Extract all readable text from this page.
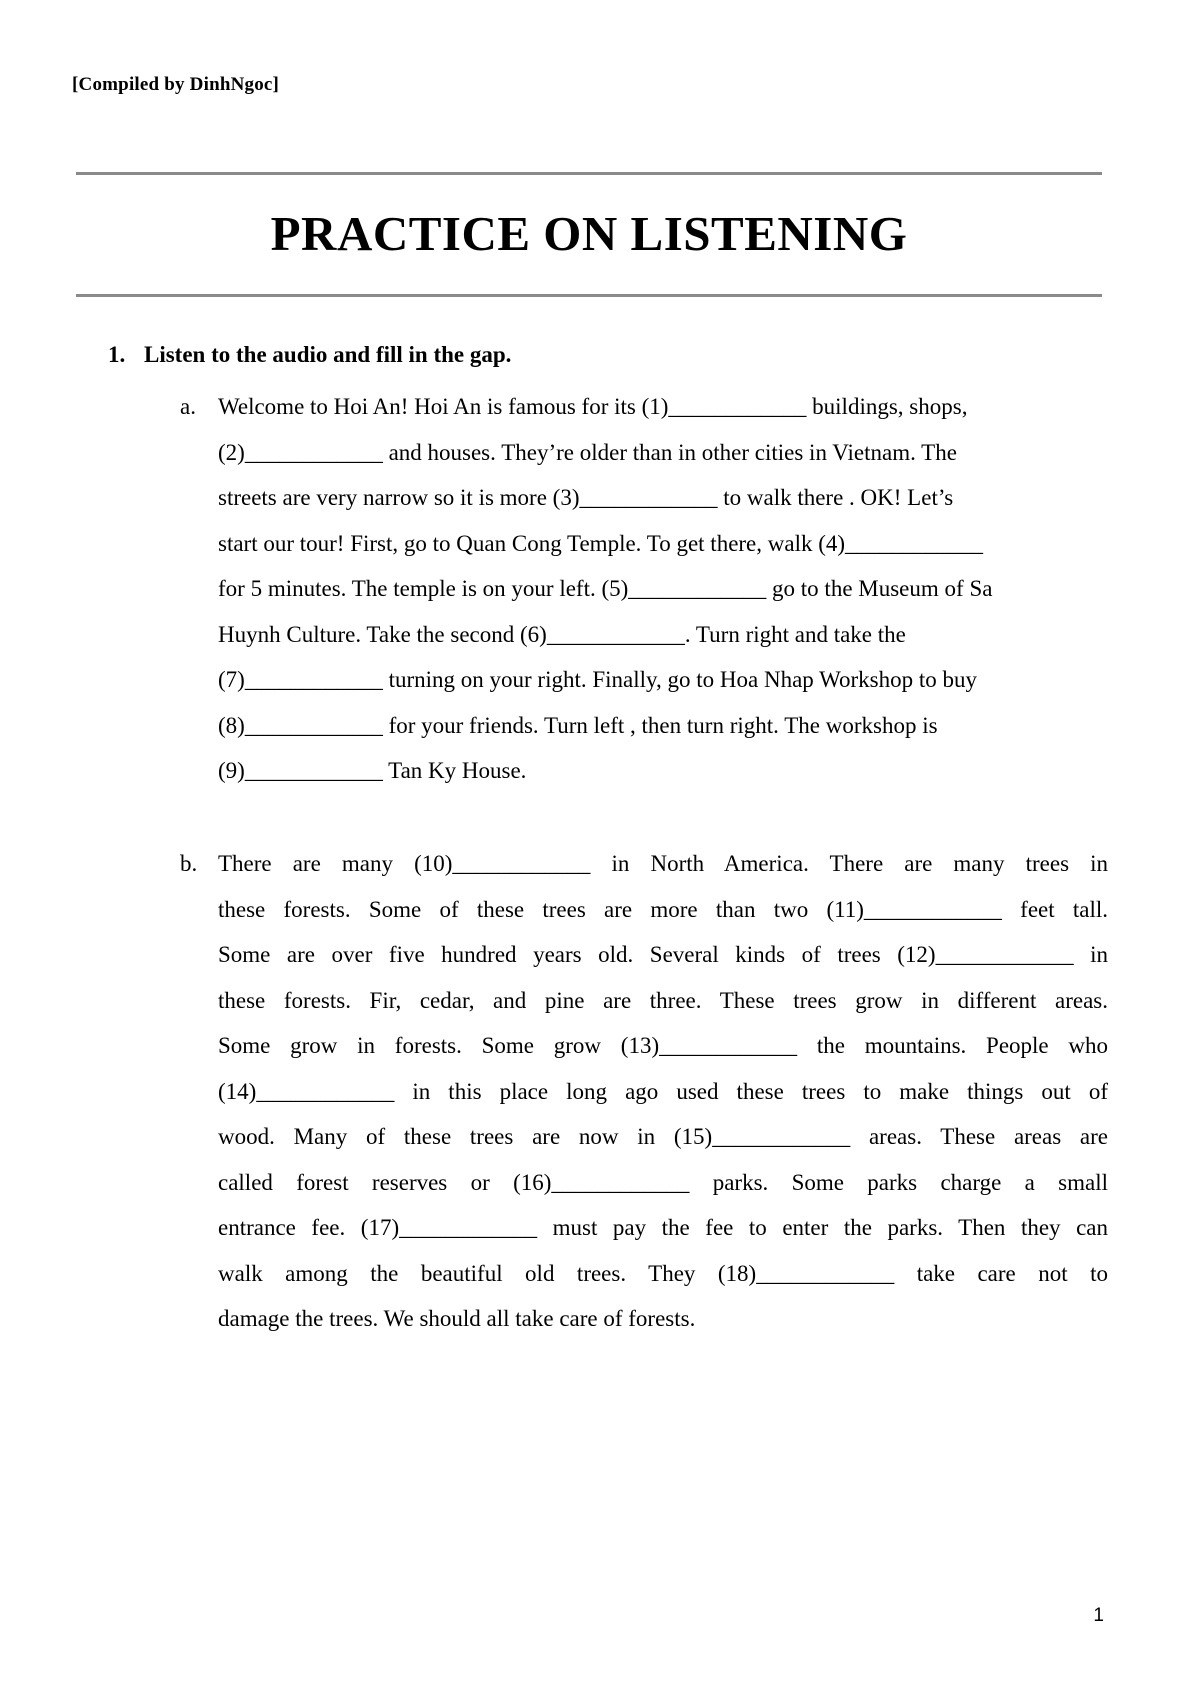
[Compiled by DinhNgoc]
PRACTICE ON LISTENING
1. Listen to the audio and fill in the gap.
a. Welcome to Hoi An! Hoi An is famous for its (1)____________ buildings, shops,
(2)____________ and houses. They’re older than in other cities in Vietnam. The
streets are very narrow so it is more (3)____________ to walk there . OK! Let’s
start our tour! First, go to Quan Cong Temple. To get there, walk (4)____________
for 5 minutes. The temple is on your left. (5)____________ go to the Museum of Sa
Huynh Culture. Take the second (6)____________. Turn right and take the
(7)____________ turning on your right. Finally, go to Hoa Nhap Workshop to buy
(8)____________ for your friends. Turn left , then turn right. The workshop is
(9)____________ Tan Ky House.
b. There are many (10)____________ in North America. There are many trees in
these forests. Some of these trees are more than two (11)____________ feet tall.
Some are over five hundred years old. Several kinds of trees (12)____________ in
these forests. Fir, cedar, and pine are three. These trees grow in different areas.
Some grow in forests. Some grow (13)____________ the mountains. People who
(14)____________ in this place long ago used these trees to make things out of
wood. Many of these trees are now in (15)____________ areas. These areas are
called forest reserves or (16)____________ parks. Some parks charge a small
entrance fee. (17)____________ must pay the fee to enter the parks. Then they can
walk among the beautiful old trees. They (18)____________ take care not to
damage the trees. We should all take care of forests.
1
